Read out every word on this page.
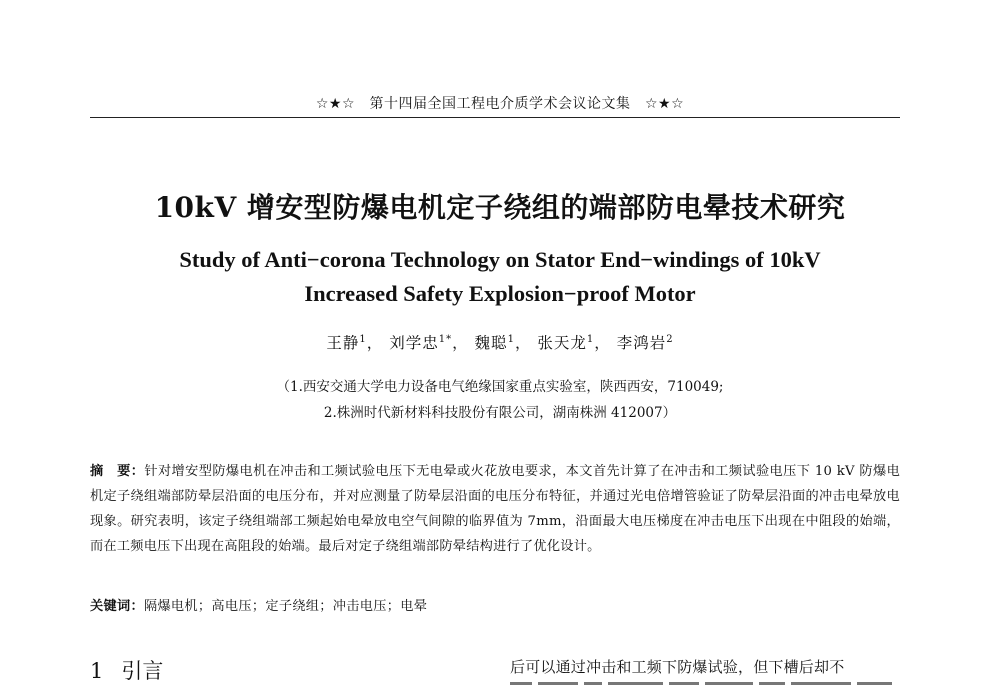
☆★☆　第十四届全国工程电介质学术会议论文集　☆★☆
10kV 增安型防爆电机定子绕组的端部防电晕技术研究
Study of Anti−corona Technology on Stator End−windings of 10kV
Increased Safety Explosion−proof Motor
王静$^1$， 刘学忠$^{1*}$， 魏聪$^1$， 张天龙$^1$， 李鸿岩$^2$
（1.西安交通大学电力设备电气绝缘国家重点实验室，陕西西安，710049;
2.株洲时代新材料科技股份有限公司，湖南株洲 412007）
摘　要：针对增安型防爆电机在冲击和工频试验电压下无电晕或火花放电要求，本文首先计算了在冲击和工频试验电压下 10 kV 防爆电机定子绕组端部防晕层沿面的电压分布，并对应测量了防晕层沿面的电压分布特征，并通过光电倍增管验证了防晕层沿面的冲击电晕放电现象。研究表明，该定子绕组端部工频起始电晕放电空气间隙的临界值为 7mm，沿面最大电压梯度在冲击电压下出现在中阻段的始端，而在工频电压下出现在高阻段的始端。最后对定子绕组端部防晕结构进行了优化设计。
关键词：隔爆电机；高电压；定子绕组；冲击电压；电晕
1 引言	后可以通过冲击和工频下防爆试验，但下槽后却不
